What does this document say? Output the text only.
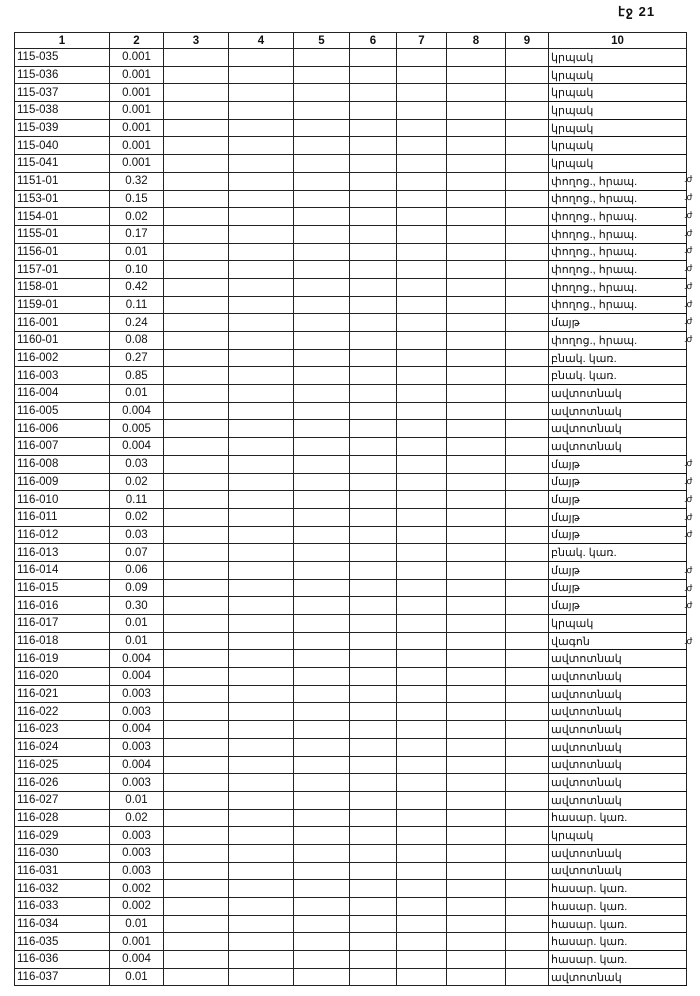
էջ 21
1	2	3	4	5	6	7	8	9	10
115-035	0.001								կրպակ
115-036	0.001								կրպակ
115-037	0.001								կրպակ
115-038	0.001								կրպակ
115-039	0.001								կրպակ
115-040	0.001								կրպակ
115-041	0.001								կրպակ
1151-01	0.32								փողոց., հրապ.
1153-01	0.15								փողոց., հրապ.
1154-01	0.02								փողոց., հրապ.
1155-01	0.17								փողոց., հրապ.
1156-01	0.01								փողոց., հրապ.
1157-01	0.10								փողոց., հրապ.
1158-01	0.42								փողոց., հրապ.
1159-01	0.11								փողոց., հրապ.
116-001	0.24								մայթ
1160-01	0.08								փողոց., հրապ.
116-002	0.27								բնակ. կառ.
116-003	0.85								բնակ. կառ.
116-004	0.01								ավտոտնակ
116-005	0.004								ավտոտնակ
116-006	0.005								ավտոտնակ
116-007	0.004								ավտոտնակ
116-008	0.03								մայթ
116-009	0.02								մայթ
116-010	0.11								մայթ
116-011	0.02								մայթ
116-012	0.03								մայթ
116-013	0.07								բնակ. կառ.
116-014	0.06								մայթ
116-015	0.09								մայթ
116-016	0.30								մայթ
116-017	0.01								կրպակ
116-018	0.01								վագոն
116-019	0.004								ավտոտնակ
116-020	0.004								ավտոտնակ
116-021	0.003								ավտոտնակ
116-022	0.003								ավտոտնակ
116-023	0.004								ավտոտնակ
116-024	0.003								ավտոտնակ
116-025	0.004								ավտոտնակ
116-026	0.003								ավտոտնակ
116-027	0.01								ավտոտնակ
116-028	0.02								հասար. կառ.
116-029	0.003								կրպակ
116-030	0.003								ավտոտնակ
116-031	0.003								ավտոտնակ
116-032	0.002								հասար. կառ.
116-033	0.002								հասար. կառ.
116-034	0.01								հասար. կառ.
116-035	0.001								հասար. կառ.
116-036	0.004								հասար. կառ.
116-037	0.01								ավտոտնակ
.ժ
.ժ
.ժ
.ժ
.ժ
.ժ
.ժ
.ժ
.ժ
.ժ
.ժ
.ժ
.ժ
.ժ
.ժ
.ժ
.ժ
.ժ
.ժ
